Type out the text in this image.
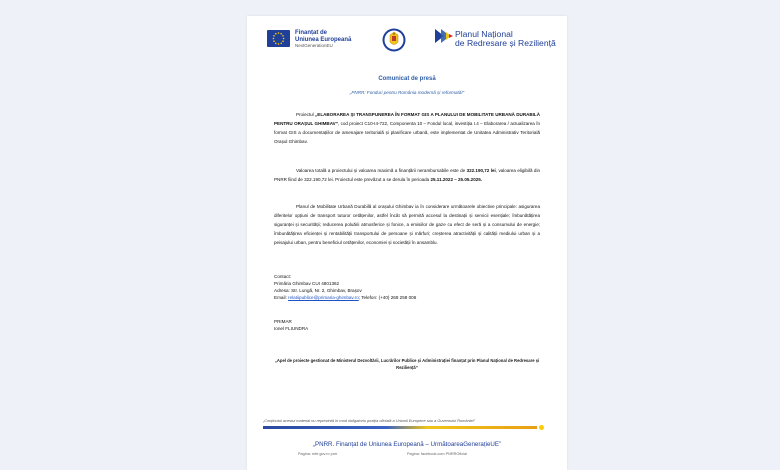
Finanțat de
Uniunea Europeană
NextGenerationEU
Planul Național
de Redresare și Reziliență
Comunicat de presă
„PNRR: Fonduri pentru România modernă și reformată!”

Proiectul „ELABORAREA ȘI TRANSPUNEREA ÎN FORMAT GIS A PLANULUI DE MOBILITATE URBANĂ DURABILĂ PENTRU ORAȘUL GHIMBAV”, cod proiect C10-I4-722, Componenta 10 – Fondul local, investiția I.4 – Elaborarea / actualizarea în format GIS a documentațiilor de amenajare teritorială și planificare urbană, este implementat de Unitatea Administrativ Teritorială Orașul Ghimbav.

Valoarea totală a proiectului și valoarea maximă a finanțării nerambursabile este de 322.190,72 lei, valoarea eligibilă din PNRR fiind de 322.190,72 lei. Proiectul este prevăzut a se derula în perioada 25.11.2022 – 25.05.2025.

Planul de Mobilitate Urbană Durabilă al orașului Ghimbav ia în considerare următoarele obiective principale: asigurarea diferitelor opțiuni de transport tuturor cetățenilor, astfel încât să permită accesul la destinații și servicii esențiale; îmbunătățirea siguranței și securității; reducerea poluării atmosferice și fonice, a emisiilor de gaze cu efect de seră și a consumului de energie; îmbunătățirea eficienței și rentabilității transportului de persoane și mărfuri; creșterea atractivității și calității mediului urban și a peisajului urban, pentru beneficiul cetățenilor, economiei și societății în ansamblu.

Contact:
Primăria Ghimbav CUI 4801362
Adresa: Str. Lungă, Nr. 2, Ghimbav, Brașov
Email: relatiipublice@primaria-ghimbav.ro; Telefon: (+40) 268 258 006
PRIMAR
Ionel FLIUNDRA
„Apel de proiecte gestionat de Ministerul Dezvoltării, Lucrărilor Publice și Administrației finanțat prin Planul Național de Redresare și Reziliență”
„Conținutul acestui material nu reprezintă în mod obligatoriu poziția oficială a Uniunii Europene sau a Guvernului României”
„PNRR. Finanțat de Uniunea Europeană – UrmătoareaGenerațieUE”
Pagina: mfe.gov.ro pnrr	Pagina: facebook.com PNRROficial
